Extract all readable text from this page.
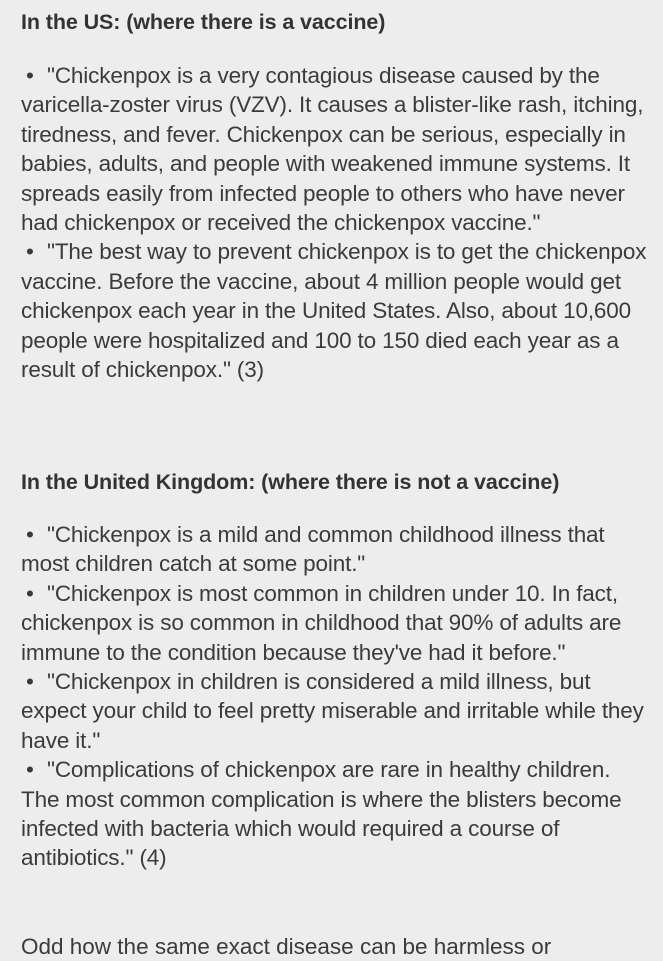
In the US: (where there is a vaccine)

• "Chickenpox is a very contagious disease caused by the varicella-zoster virus (VZV). It causes a blister-like rash, itching, tiredness, and fever. Chickenpox can be serious, especially in babies, adults, and people with weakened immune systems. It spreads easily from infected people to others who have never had chickenpox or received the chickenpox vaccine."

• "The best way to prevent chickenpox is to get the chickenpox vaccine. Before the vaccine, about 4 million people would get chickenpox each year in the United States. Also, about 10,600 people were hospitalized and 100 to 150 died each year as a result of chickenpox." (3)

In the United Kingdom: (where there is not a vaccine)

• "Chickenpox is a mild and common childhood illness that most children catch at some point."

• "Chickenpox is most common in children under 10. In fact, chickenpox is so common in childhood that 90% of adults are immune to the condition because they've had it before."

• "Chickenpox in children is considered a mild illness, but expect your child to feel pretty miserable and irritable while they have it."

• "Complications of chickenpox are rare in healthy children. The most common complication is where the blisters become infected with bacteria which would required a course of antibiotics." (4)

Odd how the same exact disease can be harmless or
